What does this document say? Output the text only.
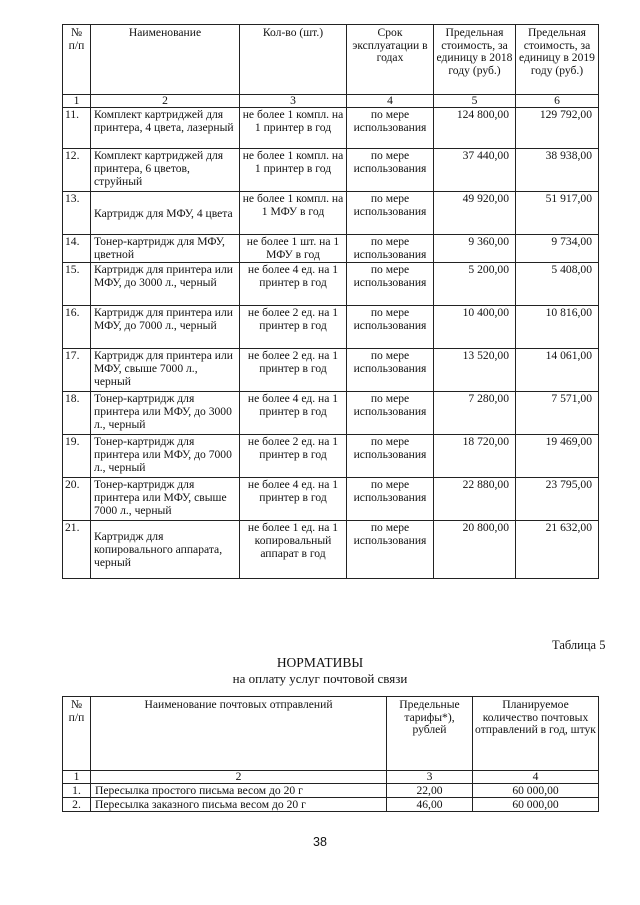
№ п/п	Наименование	Кол-во (шт.)	Срок эксплуатации в годах	Предельная стоимость, за единицу в 2018 году (руб.)	Предельная стоимость, за единицу в 2019 году (руб.)
1	2	3	4	5	6
11.	Комплект картриджей для принтера, 4 цвета, лазерный	не более 1 компл. на 1 принтер в год	по мере использования	124 800,00	129 792,00
12.	Комплект картриджей для принтера, 6 цветов, струйный	не более 1 компл. на 1 принтер в год	по мере использования	37 440,00	38 938,00
13.	Картридж для МФУ, 4 цвета	не более 1 компл. на 1 МФУ в год	по мере использования	49 920,00	51 917,00
14.	Тонер-картридж для МФУ, цветной	не более 1 шт. на 1 МФУ в год	по мере использования	9 360,00	9 734,00
15.	Картридж для принтера или МФУ, до 3000 л., черный	не более 4 ед. на 1 принтер в год	по мере использования	5 200,00	5 408,00
16.	Картридж для принтера или МФУ, до 7000 л., черный	не более 2 ед. на 1 принтер в год	по мере использования	10 400,00	10 816,00
17.	Картридж для принтера или МФУ, свыше 7000 л., черный	не более 2 ед. на 1 принтер в год	по мере использования	13 520,00	14 061,00
18.	Тонер-картридж для принтера или МФУ, до 3000 л., черный	не более 4 ед. на 1 принтер в год	по мере использования	7 280,00	7 571,00
19.	Тонер-картридж для принтера или МФУ, до 7000 л., черный	не более 2 ед. на 1 принтер в год	по мере использования	18 720,00	19 469,00
20.	Тонер-картридж для принтера или МФУ, свыше 7000 л., черный	не более 4 ед. на 1 принтер в год	по мере использования	22 880,00	23 795,00
21.	Картридж для копировального аппарата, черный	не более 1 ед. на 1 копировальный аппарат в год	по мере использования	20 800,00	21 632,00
Таблица 5
НОРМАТИВЫ
на оплату услуг почтовой связи
№ п/п	Наименование почтовых отправлений	Предельные тарифы*), рублей	Планируемое количество почтовых отправлений в год, штук
1	2	3	4
1.	Пересылка простого письма весом до 20 г	22,00	60 000,00
2.	Пересылка заказного письма весом до 20 г	46,00	60 000,00
38
